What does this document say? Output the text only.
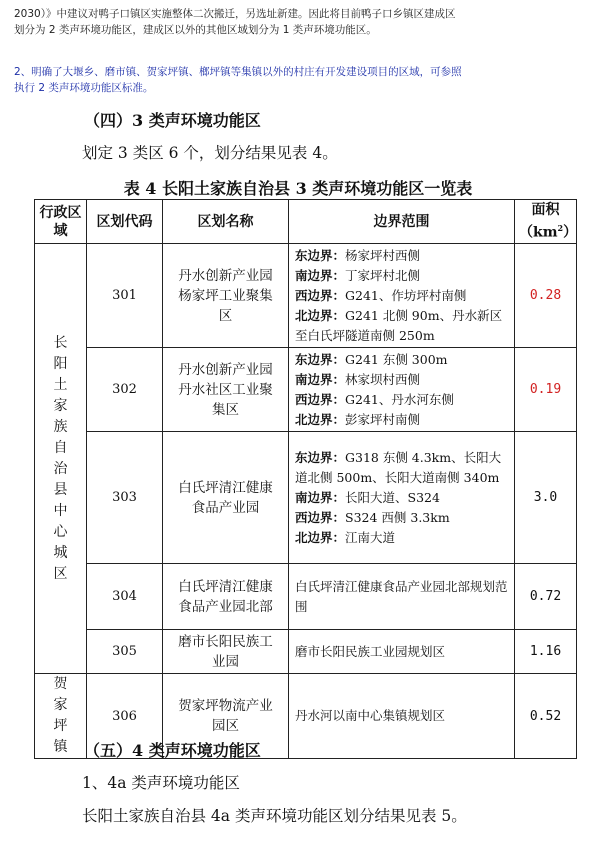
2030）》中建议对鸭子口镇区实施整体二次搬迁，另选址新建。因此将目前鸭子口乡镇区建成区
划分为 2 类声环境功能区，建成区以外的其他区域划分为 1 类声环境功能区。
2、明确了大堰乡、磨市镇、贺家坪镇、榔坪镇等集镇以外的村庄有开发建设项目的区域，可参照
执行 2 类声环境功能区标准。
（四）3 类声环境功能区
划定 3 类区 6 个，划分结果见表 4。
表 4 长阳土家族自治县 3 类声环境功能区一览表
行政区域	区划代码	区划名称	边界范围	面积$(km^2)$
长阳土家族自治县中心城区	301	丹水创新产业园杨家坪工业聚集区	东边界：杨家坪村西侧
南边界：丁家坪村北侧
西边界：G241、作坊坪村南侧
北边界：G241 北侧 90m、丹水新区至白氏坪隧道南侧 250m	0.28
	302	丹水创新产业园丹水社区工业聚集区	东边界：G241 东侧 300m
南边界：林家坝村西侧
西边界：G241、丹水河东侧
北边界：彭家坪村南侧	0.19
	303	白氏坪清江健康食品产业园	东边界：G318 东侧 4.3km、长阳大道北侧 500m、长阳大道南侧 340m
南边界：长阳大道、S324
西边界：S324 西侧 3.3km
北边界：江南大道	3.0
	304	白氏坪清江健康食品产业园北部	白氏坪清江健康食品产业园北部规划范围	0.72
	305	磨市长阳民族工业园	磨市长阳民族工业园规划区	1.16
贺家坪镇	306	贺家坪物流产业园区	丹水河以南中心集镇规划区	0.52
（五）4 类声环境功能区
1、4a 类声环境功能区
长阳土家族自治县 4a 类声环境功能区划分结果见表 5。
